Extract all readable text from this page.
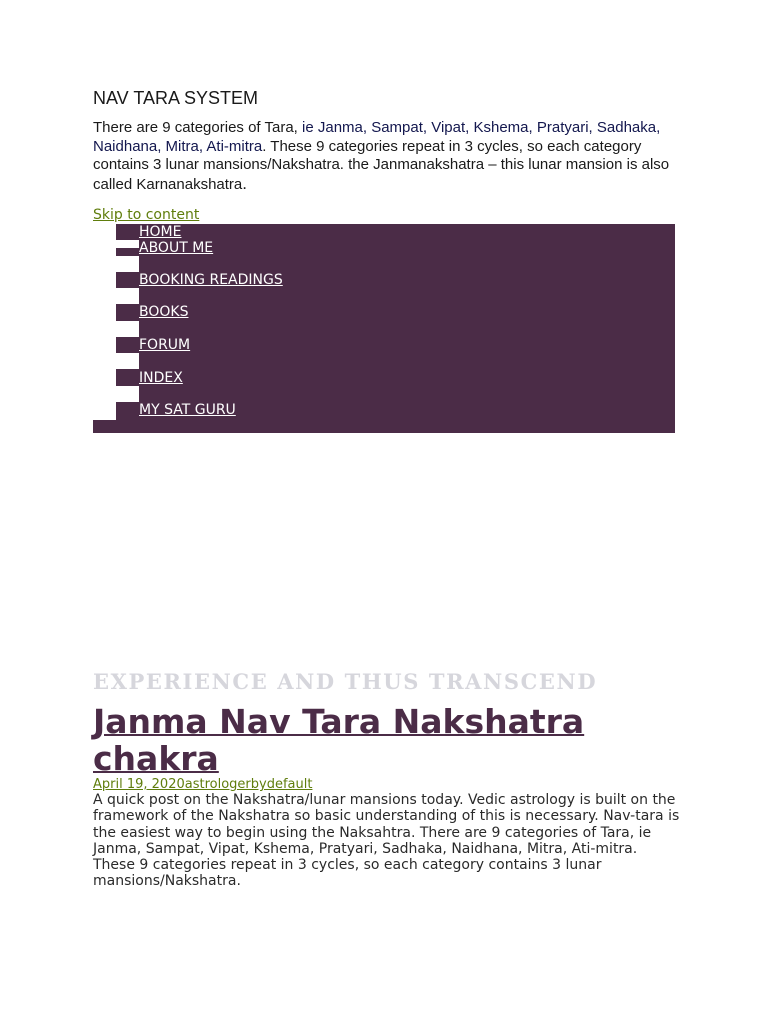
NAV TARA SYSTEM

There are 9 categories of Tara, ie Janma, Sampat, Vipat, Kshema, Pratyari, Sadhaka, Naidhana, Mitra, Ati-mitra. These 9 categories repeat in 3 cycles, so each category contains 3 lunar mansions/Nakshatra. the Janmanakshatra – this lunar mansion is also called Karnanakshatra.

Skip to content
HOME
ABOUT ME
BOOKING READINGS
BOOKS
FORUM
INDEX
MY SAT GURU
EXPERIENCE AND THUS TRANSCEND
Janma Nav Tara Nakshatra chakra
April 19, 2020astrologerbydefault

A quick post on the Nakshatra/lunar mansions today. Vedic astrology is built on the framework of the Nakshatra so basic understanding of this is necessary. Nav-tara is the easiest way to begin using the Naksahtra. There are 9 categories of Tara, ie Janma, Sampat, Vipat, Kshema, Pratyari, Sadhaka, Naidhana, Mitra, Ati-mitra. These 9 categories repeat in 3 cycles, so each category contains 3 lunar mansions/Nakshatra.
